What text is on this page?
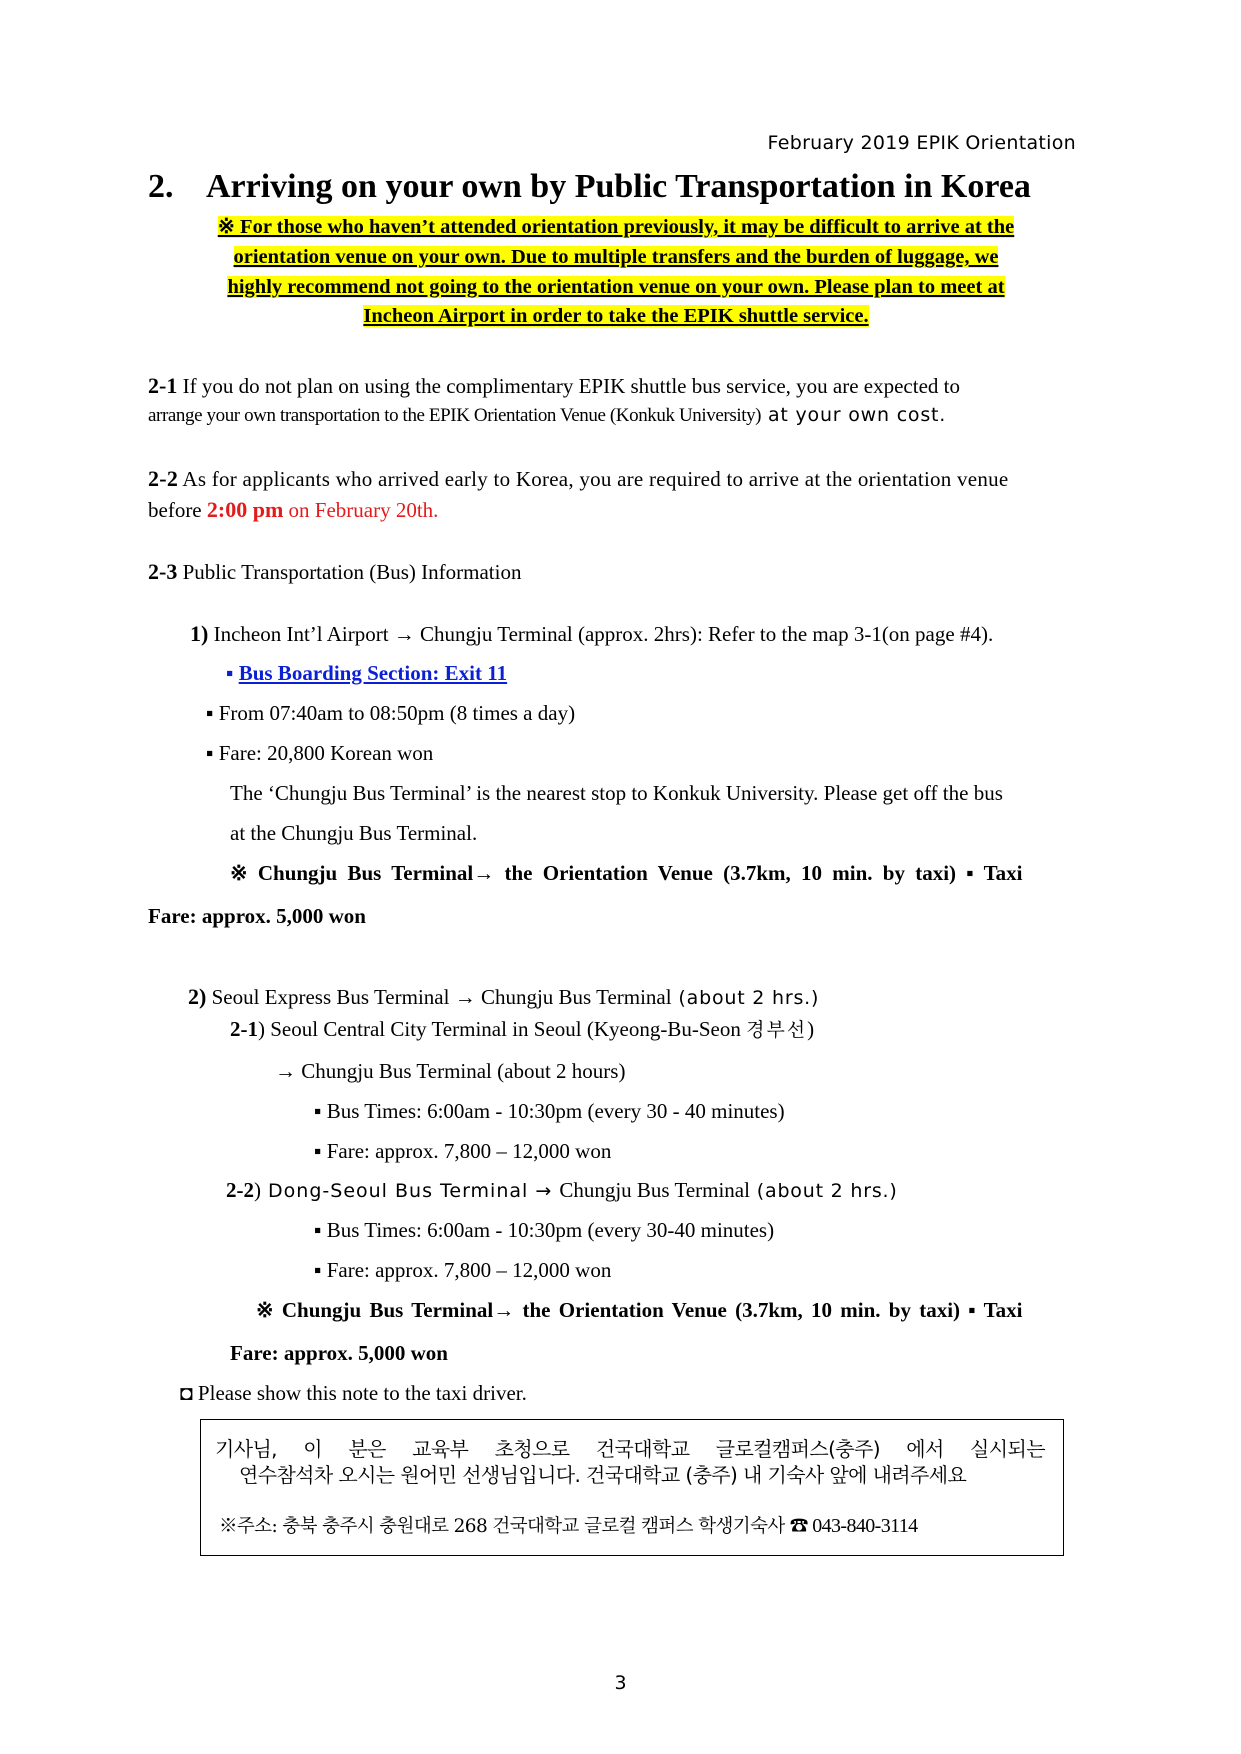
February 2019 EPIK Orientation
2. Arriving on your own by Public Transportation in Korea
※ For those who haven’t attended orientation previously, it may be difficult to arrive at the
orientation venue on your own. Due to multiple transfers and the burden of luggage, we
highly recommend not going to the orientation venue on your own. Please plan to meet at
Incheon Airport in order to take the EPIK shuttle service.
2-1 If you do not plan on using the complimentary EPIK shuttle bus service, you are expected to
arrange your own transportation to the EPIK Orientation Venue (Konkuk University) at your own cost.
2-2 As for applicants who arrived early to Korea, you are required to arrive at the orientation venue
before 2:00 pm on February 20th.
2-3 Public Transportation (Bus) Information
1) Incheon Int’l Airport → Chungju Terminal (approx. 2hrs): Refer to the map 3-1(on page #4).
▪ Bus Boarding Section: Exit 11
▪ From 07:40am to 08:50pm (8 times a day)
▪ Fare: 20,800 Korean won
The ‘Chungju Bus Terminal’ is the nearest stop to Konkuk University. Please get off the bus
at the Chungju Bus Terminal.
※ Chungju Bus Terminal→ the Orientation Venue (3.7km, 10 min. by taxi) ▪ Taxi
Fare: approx. 5,000 won
2) Seoul Express Bus Terminal → Chungju Bus Terminal (about 2 hrs.)
2-1) Seoul Central City Terminal in Seoul (Kyeong-Bu-Seon 경부선)
→ Chungju Bus Terminal (about 2 hours)
▪ Bus Times: 6:00am - 10:30pm (every 30 - 40 minutes)
▪ Fare: approx. 7,800 – 12,000 won
2-2) Dong-Seoul Bus Terminal → Chungju Bus Terminal (about 2 hrs.)
▪ Bus Times: 6:00am - 10:30pm (every 30-40 minutes)
▪ Fare: approx. 7,800 – 12,000 won
※ Chungju Bus Terminal→ the Orientation Venue (3.7km, 10 min. by taxi) ▪ Taxi
Fare: approx. 5,000 won
◘ Please show this note to the taxi driver.
기사님, 이 분은 교육부 초청으로 건국대학교 글로컬캠퍼스(충주) 에서 실시되는
연수참석차 오시는 원어민 선생님입니다. 건국대학교 (충주) 내 기숙사 앞에 내려주세요
※주소: 충북 충주시 충원대로 268 건국대학교 글로컬 캠퍼스 학생기숙사 ☎ 043-840-3114
3
